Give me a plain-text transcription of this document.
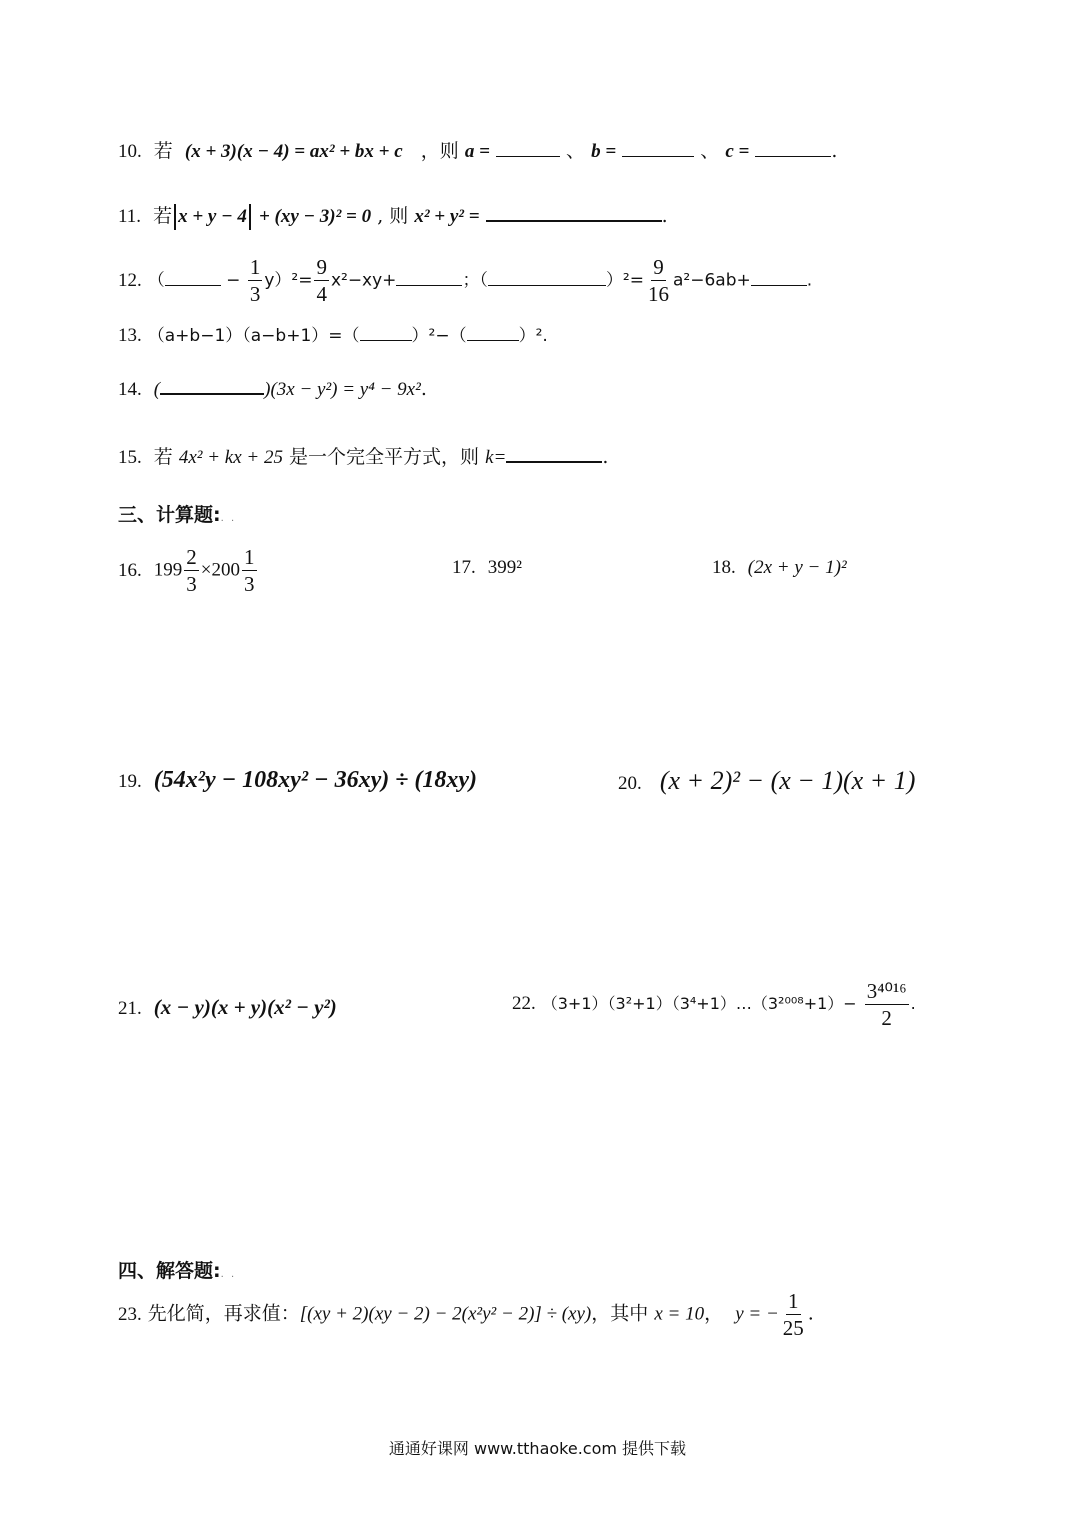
10. 若 (x + 3)(x − 4) = ax² + bx + c ，则 a =	、 b =	、 c =	.
11. 若 x + y − 4 + (xy − 3)² = 0 , 则 x² + y² =	.
12. （	− $\frac{1}{3} y)^2= \frac{9}{4} x^2-xy+$	；（	）$^2= \frac{9}{16} a^2-6ab+$	.
13. （a+b−1）（a−b+1）=（	）²−（	）².
14. (	)(3x − y²) = y⁴ − 9x².
15. 若 4x² + kx + 25 是一个完全平方式，则 k=	.
三、计算题:. .
16. $199 \frac{2}{3} \times 200 \frac{1}{3}$	17. 399²	18. (2x + y − 1)²
19. (54x²y − 108xy² − 36xy) ÷ (18xy)	20. (x + 2)² − (x − 1)(x + 1)
21. (x − y)(x + y)(x² − y²)	22. （3+1）（3²+1）（3⁴+1）…（3²⁰⁰⁸+1）− $\frac{\text{3⁴⁰¹⁶}}{2}$ .
四、解答题:. .
23. 先化简，再求值：[(xy + 2)(xy − 2) − 2(x²y² − 2)] ÷ (xy)，其中 x = 10， y = − $\frac{1}{25}$ .
通通好课网 www.tthaoke.com 提供下载
